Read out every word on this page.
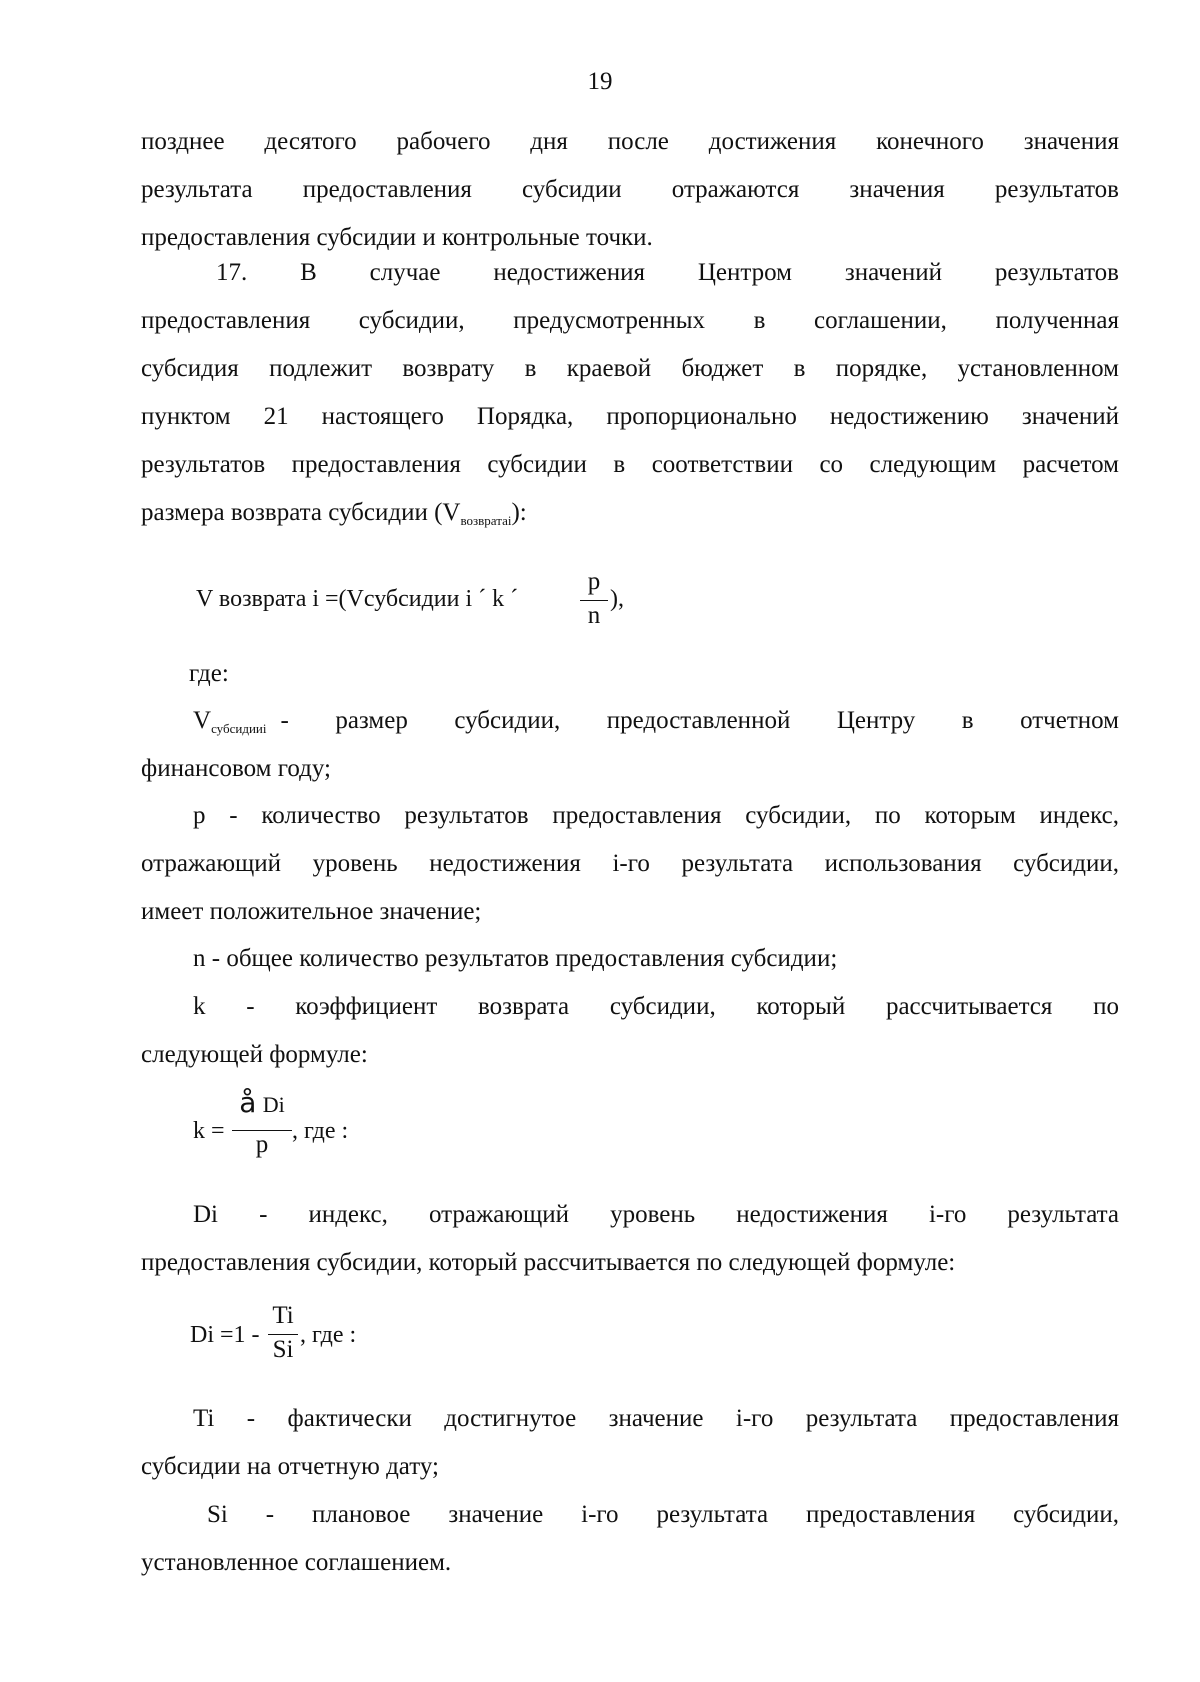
19

позднее десятого рабочего дня после достижения конечного значения

результата предоставления субсидии отражаются значения результатов

предоставления субсидии и контрольные точки.

17. В случае недостижения Центром значений результатов

предоставления субсидии, предусмотренных в соглашении, полученная

субсидия подлежит возврату в краевой бюджет в порядке, установленном

пунктом 21 настоящего Порядка, пропорционально недостижению значений

результатов предоставления субсидии в соответствии со следующим расчетом

размера возврата субсидии $(V_{возвратаi})$:

V возврата i =(Vсубсидии i ´ k ´
p
n
),

где:

$V_{субсидииi}$ - размер субсидии, предоставленной Центру в отчетном

финансовом году;

p - количество результатов предоставления субсидии, по которым индекс,

отражающий уровень недостижения i-го результата использования субсидии,

имеет положительное значение;

n - общее количество результатов предоставления субсидии;

k - коэффициент возврата субсидии, который рассчитывается по

следующей формуле:

k =
å Di
p , где :

Di - индекс, отражающий уровень недостижения i-го результата

предоставления субсидии, который рассчитывается по следующей формуле:

Di =1 -
Ti
Si
, где :

Ti - фактически достигнутое значение i-го результата предоставления

субсидии на отчетную дату;

Si - плановое значение i-го результата предоставления субсидии,

установленное соглашением.
